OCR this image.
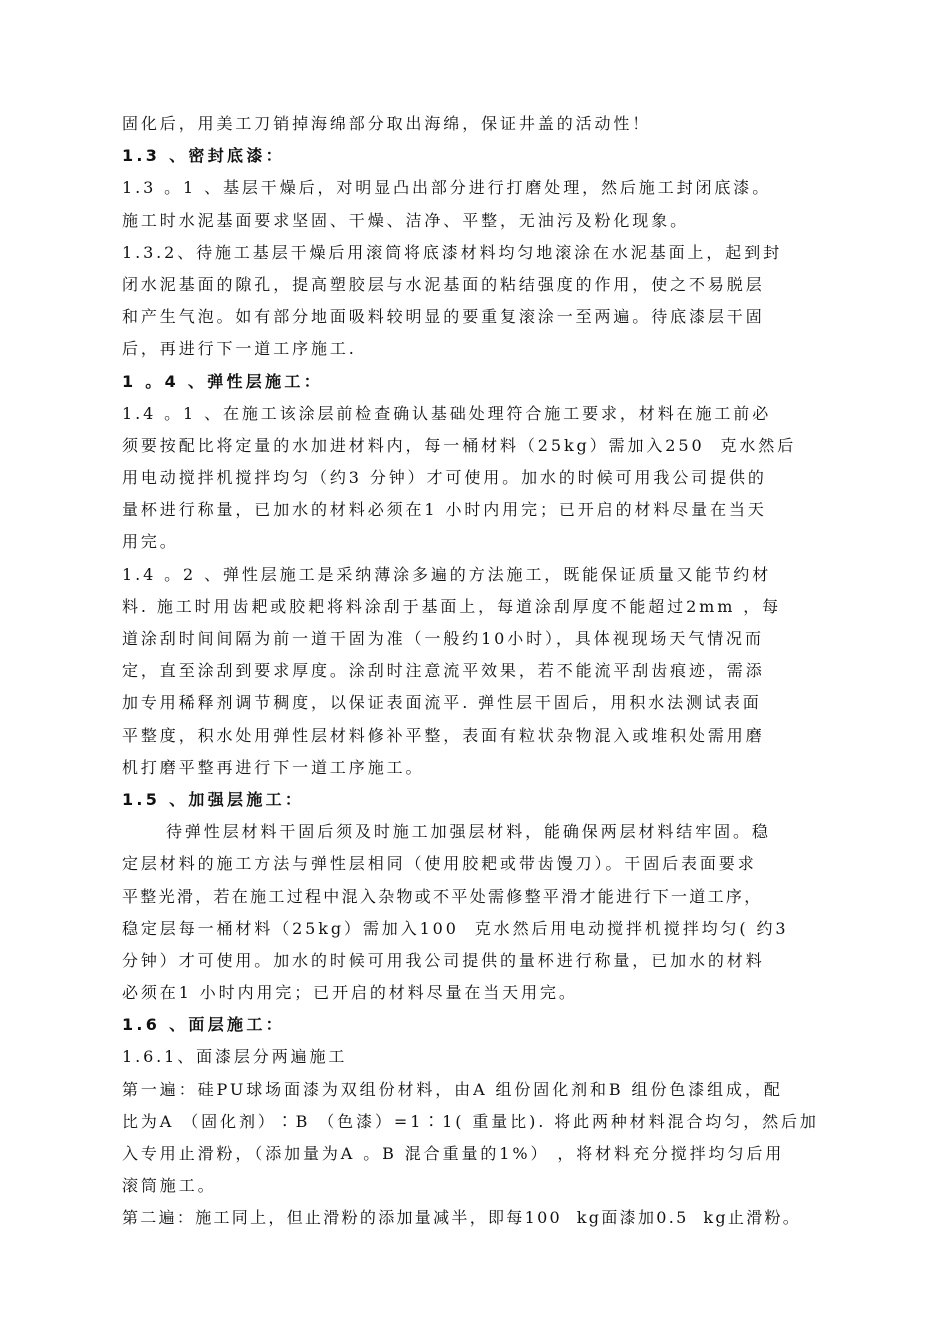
固化后，用美工刀销掉海绵部分取出海绵，保证井盖的活动性！
1.3 、密封底漆：
1.3 。1 、基层干燥后，对明显凸出部分进行打磨处理，然后施工封闭底漆。
施工时水泥基面要求坚固、干燥、洁净、平整，无油污及粉化现象。
1.3.2、待施工基层干燥后用滚筒将底漆材料均匀地滚涂在水泥基面上，起到封
闭水泥基面的隙孔，提高塑胶层与水泥基面的粘结强度的作用，使之不易脱层
和产生气泡。如有部分地面吸料较明显的要重复滚涂一至两遍。待底漆层干固
后，再进行下一道工序施工.
1 。4 、弹性层施工：
1.4 。1 、在施工该涂层前检查确认基础处理符合施工要求，材料在施工前必
须要按配比将定量的水加进材料内，每一桶材料（25kg）需加入250  克水然后
用电动搅拌机搅拌均匀（约3 分钟）才可使用。加水的时候可用我公司提供的
量杯进行称量，已加水的材料必须在1 小时内用完；已开启的材料尽量在当天
用完。
1.4 。2 、弹性层施工是采纳薄涂多遍的方法施工，既能保证质量又能节约材
料. 施工时用齿耙或胶耙将料涂刮于基面上，每道涂刮厚度不能超过2mm ，每
道涂刮时间间隔为前一道干固为准（一般约10小时），具体视现场天气情况而
定，直至涂刮到要求厚度。涂刮时注意流平效果，若不能流平刮齿痕迹，需添
加专用稀释剂调节稠度，以保证表面流平. 弹性层干固后，用积水法测试表面
平整度，积水处用弹性层材料修补平整，表面有粒状杂物混入或堆积处需用磨
机打磨平整再进行下一道工序施工。
1.5 、加强层施工：
待弹性层材料干固后须及时施工加强层材料，能确保两层材料结牢固。稳
定层材料的施工方法与弹性层相同（使用胶耙或带齿馒刀）。干固后表面要求
平整光滑，若在施工过程中混入杂物或不平处需修整平滑才能进行下一道工序，
稳定层每一桶材料（25kg）需加入100  克水然后用电动搅拌机搅拌均匀( 约3
分钟）才可使用。加水的时候可用我公司提供的量杯进行称量，已加水的材料
必须在1 小时内用完；已开启的材料尽量在当天用完。
1.6 、面层施工：
1.6.1、面漆层分两遍施工
第一遍：硅PU球场面漆为双组份材料，由A 组份固化剂和B 组份色漆组成，配
比为A （固化剂）∶B （色漆）=1∶1( 重量比). 将此两种材料混合均匀，然后加
入专用止滑粉，（添加量为A 。B 混合重量的1%） ，将材料充分搅拌均匀后用
滚筒施工。
第二遍：施工同上，但止滑粉的添加量减半，即每100  kg面漆加0.5  kg止滑粉。
